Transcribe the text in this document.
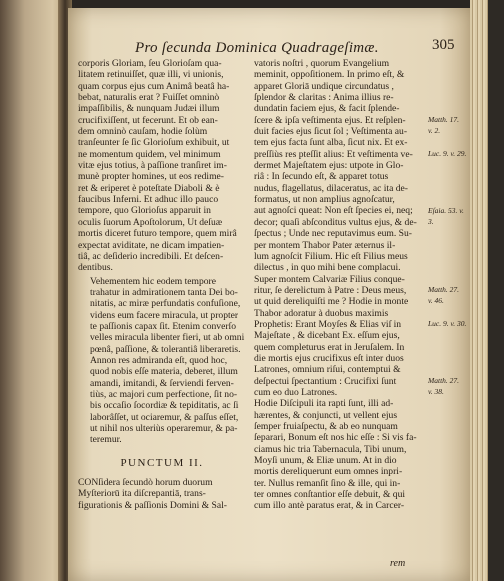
Pro ſecunda Dominica Quadrageſimæ.	305
corporis Gloriam, ſeu Glorioſam qua-
litatem retinuiſſet, quæ illi, vi unionis,
quam corpus ejus cum Animâ beatâ ha-
bebat, naturalis erat ? Fuiſſet omninò
impaſſibilis, & nunquam Judæi illum
crucifixiſſent, ut fecerunt. Et ob ean-
dem omninò cauſam, hodie ſolùm
tranſeunter ſe ſic Glorioſum exhibuit, ut
ne momentum quidem, vel minimum
vitæ ejus totius, à paſſione tranſiret im-
munè propter homines, ut eos redime-
ret & eriperet è poteſtate Diaboli & è
faucibus Inferni. Et adhuc illo pauco
tempore, quo Glorioſus apparuit in
oculis ſuorum Apoſtolorum, Ut deſuæ
mortis diceret futuro tempore, quem mirâ
expectat aviditate, ne dicam impatien-
tiâ, ac deſiderio incredibili. Et deſcen-
dentibus.
Vehementem hic eodem tempore
trahatur in admirationem tanta Dei bo-
nitatis, ac miræ perfundatis confuſione,
videns eum facere miracula, ut propter
te paſſionis capax ſit. Etenim converſo
velles miracula libenter fieri, ut ab omni
pœnâ, paſſione, & tolerantiâ liberaretis.
Annon res admiranda eſt, quod hoc,
quod nobis eſſe materia, deberet, illum
amandi, imitandi, & ſerviendi ferven-
tiùs, ac majori cum perfectione, ſit no-
bis occaſio ſocordiæ & tepiditatis, ac ſi
laborâſſet, ut ociaremur, & paſſus eſſet,
ut nihil nos ulteriùs operaremur, & pa-
teremur.

PUNCTUM II.

CONſidera ſecundò horum duorum
Myſteriorū ita diſcrepantiā, trans-
figurationis & paſſionis Domini & Sal-
vatoris noſtri , quorum Evangelium
meminit, oppoſitionem. In primo eſt, &
apparet Gloriā undique circundatus ,
ſplendor & claritas : Anima illius re-
dundatin faciem ejus, & facit ſplende-
ſcere & ipſa veſtimenta ejus. Et reſplen-
duit facies ejus ſicut ſol ; Veſtimenta au-
tem ejus facta ſunt alba, ſicut nix. Et ex-
preſſiùs res pteſſit alius: Et veſtimenta ve-
dermet Majeſtatem ejus: utpote in Glo-
riâ : In ſecundo eſt, & apparet totus
nudus, flagellatus, dilaceratus, ac ita de-
formatus, ut non amplius agnoſcatur,
aut agnoſci queat: Non eſt ſpecies ei, neq;
decor; quaſi abſconditus vultus ejus, & de-
ſpectus ; Unde nec reputavimus eum. Su-
per montem Thabor Pater æternus il-
lum agnoſcit Filium. Hic eſt Filius meus
dilectus , in quo mihi bene complacui.
Super montem Calvariæ Filius conque-
ritur, ſe derelictum à Patre : Deus meus,
ut quid dereliquiſti me ? Hodie in monte
Thabor adoratur à duobus maximis
Prophetis: Erant Moyſes & Elias viſ in
Majeſtate , & dicebant Ex. eſſum ejus,
quem completurus erat in Jeruſalem. In
die mortis ejus crucifixus eſt inter duos
Latrones, omnium riſui, contemptui &
deſpectui ſpectantium : Crucifixi ſunt
cum eo duo Latrones.
Hodie Diſcipuli ita rapti ſunt, illi ad-
hærentes, & conjuncti, ut vellent ejus
ſemper fruiaſpectu, & ab eo nunquam
ſeparari, Bonum eſt nos hic eſſe : Si vis fa-
ciamus hic tria Tabernacula, Tibi unum,
Moyſi unum, & Eliæ unum. At in dio
mortis dereliquerunt eum omnes inpri-
ter. Nullus remanſit ſino & ille, qui in-
ter omnes conſtantior eſſe debuit, & qui
cum illo antè paratus erat, & in Carcer-
Matth. 17.
v. 2.
Luc. 9. v. 29.
Eſaia. 53. v.
3.
Matth. 27.
v. 46.
Luc. 9. v. 30.
Matth. 27.
v. 38.
rem
